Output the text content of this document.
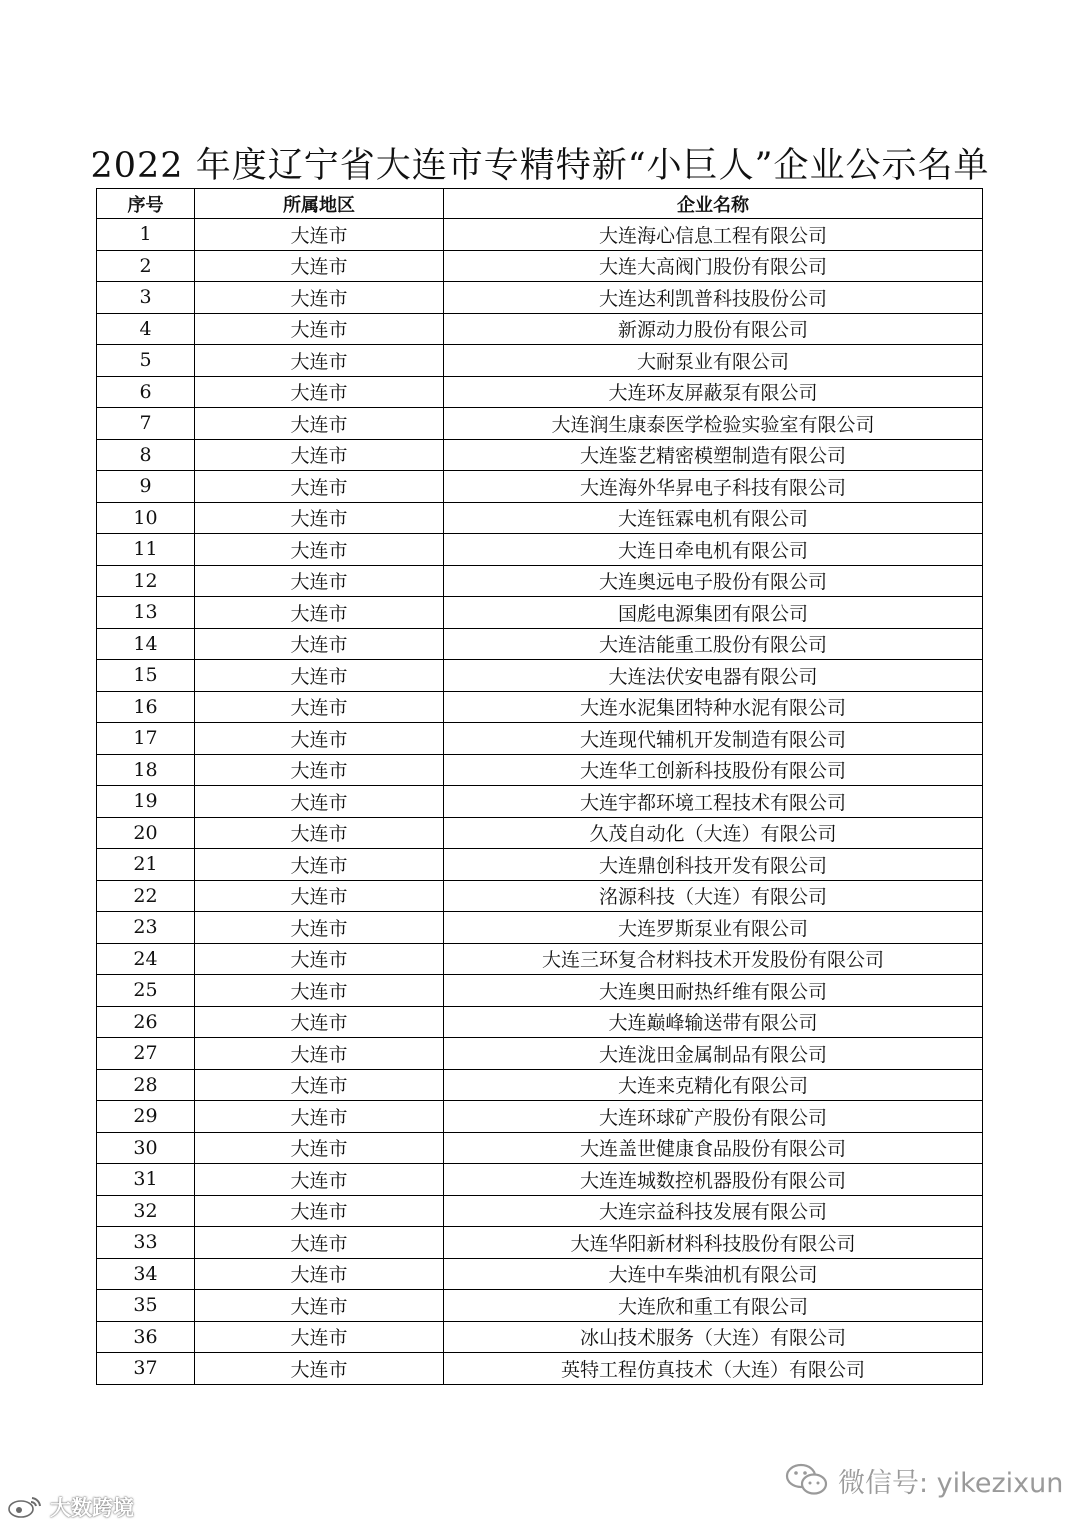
2022 年度辽宁省大连市专精特新“小巨人”企业公示名单
序号	所属地区	企业名称
1	大连市	大连海心信息工程有限公司
2	大连市	大连大高阀门股份有限公司
3	大连市	大连达利凯普科技股份公司
4	大连市	新源动力股份有限公司
5	大连市	大耐泵业有限公司
6	大连市	大连环友屏蔽泵有限公司
7	大连市	大连润生康泰医学检验实验室有限公司
8	大连市	大连鉴艺精密模塑制造有限公司
9	大连市	大连海外华昇电子科技有限公司
10	大连市	大连钰霖电机有限公司
11	大连市	大连日牵电机有限公司
12	大连市	大连奥远电子股份有限公司
13	大连市	国彪电源集团有限公司
14	大连市	大连洁能重工股份有限公司
15	大连市	大连法伏安电器有限公司
16	大连市	大连水泥集团特种水泥有限公司
17	大连市	大连现代辅机开发制造有限公司
18	大连市	大连华工创新科技股份有限公司
19	大连市	大连宇都环境工程技术有限公司
20	大连市	久茂自动化（大连）有限公司
21	大连市	大连鼎创科技开发有限公司
22	大连市	洺源科技（大连）有限公司
23	大连市	大连罗斯泵业有限公司
24	大连市	大连三环复合材料技术开发股份有限公司
25	大连市	大连奥田耐热纤维有限公司
26	大连市	大连巅峰输送带有限公司
27	大连市	大连泷田金属制品有限公司
28	大连市	大连来克精化有限公司
29	大连市	大连环球矿产股份有限公司
30	大连市	大连盖世健康食品股份有限公司
31	大连市	大连连城数控机器股份有限公司
32	大连市	大连宗益科技发展有限公司
33	大连市	大连华阳新材料科技股份有限公司
34	大连市	大连中车柴油机有限公司
35	大连市	大连欣和重工有限公司
36	大连市	冰山技术服务（大连）有限公司
37	大连市	英特工程仿真技术（大连）有限公司
微信号: yikezixun
大数跨境
